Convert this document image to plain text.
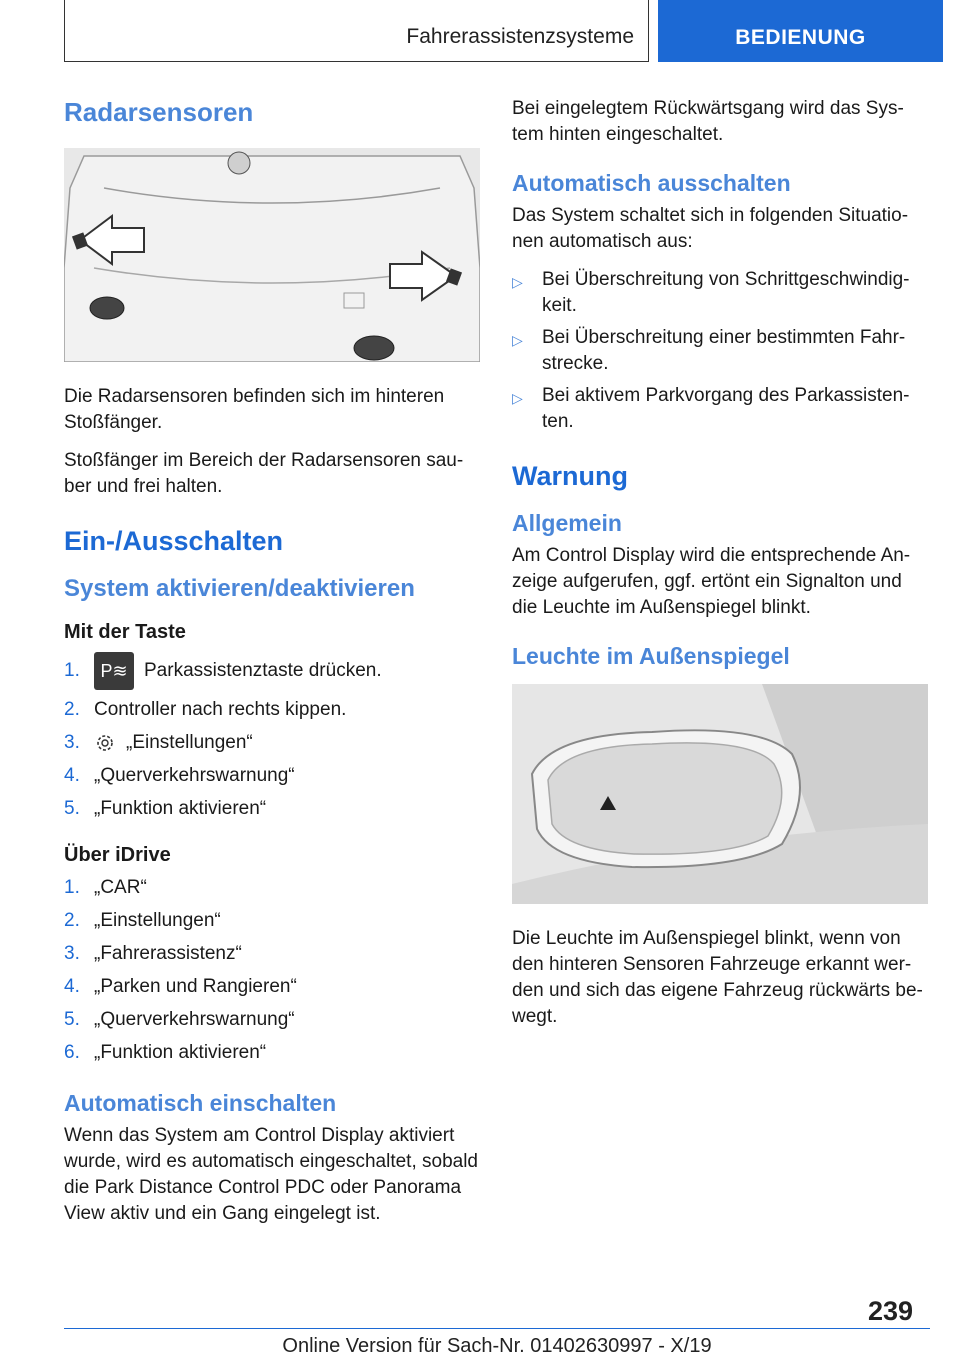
Fahrerassistenzsysteme	BEDIENUNG
Radarsensoren

Die Radarsensoren befinden sich im hinteren Stoßfänger.

Stoßfänger im Bereich der Radarsensoren sau‐ber und frei halten.

Ein-/Ausschalten
System aktivieren/deaktivieren
Mit der Taste
1.	P≋ Parkassistenztaste drücken.
2. Controller nach rechts kippen.
3.	„Einstellungen“
4. „Querverkehrswarnung“
5. „Funktion aktivieren“
Über iDrive
1. „CAR“
2. „Einstellungen“
3. „Fahrerassistenz“
4. „Parken und Rangieren“
5. „Querverkehrswarnung“
6. „Funktion aktivieren“
Automatisch einschalten

Wenn das System am Control Display aktiviert wurde, wird es automatisch eingeschaltet, sobald die Park Distance Control PDC oder Panorama View aktiv und ein Gang eingelegt ist.

Bei eingelegtem Rückwärtsgang wird das Sys‐tem hinten eingeschaltet.

Automatisch ausschalten

Das System schaltet sich in folgenden Situatio‐nen automatisch aus:

▷	Bei Überschreitung von Schrittgeschwindig‐keit.
▷	Bei Überschreitung einer bestimmten Fahr‐strecke.
▷	Bei aktivem Parkvorgang des Parkassisten‐ten.
Warnung
Allgemein

Am Control Display wird die entsprechende An‐zeige aufgerufen, ggf. ertönt ein Signalton und die Leuchte im Außenspiegel blinkt.

Leuchte im Außenspiegel

Die Leuchte im Außenspiegel blinkt, wenn von den hinteren Sensoren Fahrzeuge erkannt wer‐den und sich das eigene Fahrzeug rückwärts be‐wegt.

239
Online Version für Sach-Nr. 01402630997 - X/19
